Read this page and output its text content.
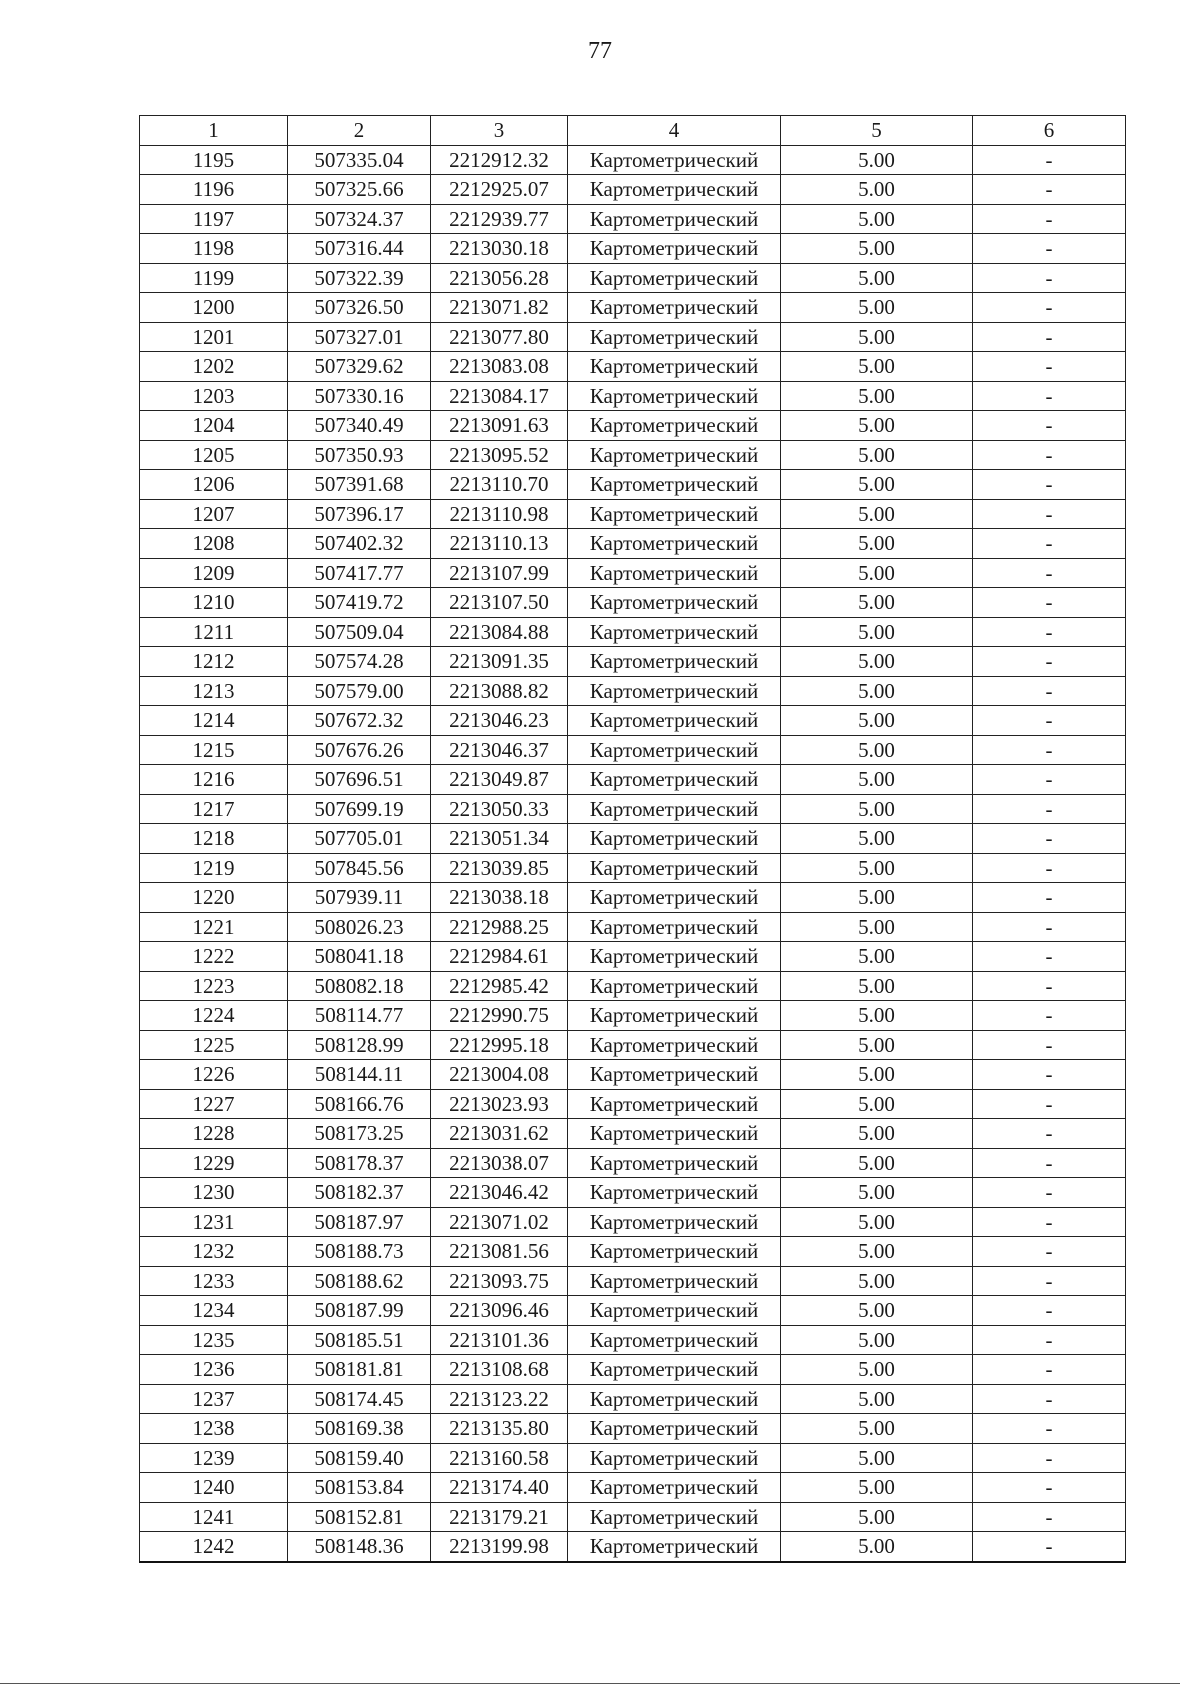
77
1	2	3	4	5	6
1195	507335.04	2212912.32	Картометрический	5.00	-
1196	507325.66	2212925.07	Картометрический	5.00	-
1197	507324.37	2212939.77	Картометрический	5.00	-
1198	507316.44	2213030.18	Картометрический	5.00	-
1199	507322.39	2213056.28	Картометрический	5.00	-
1200	507326.50	2213071.82	Картометрический	5.00	-
1201	507327.01	2213077.80	Картометрический	5.00	-
1202	507329.62	2213083.08	Картометрический	5.00	-
1203	507330.16	2213084.17	Картометрический	5.00	-
1204	507340.49	2213091.63	Картометрический	5.00	-
1205	507350.93	2213095.52	Картометрический	5.00	-
1206	507391.68	2213110.70	Картометрический	5.00	-
1207	507396.17	2213110.98	Картометрический	5.00	-
1208	507402.32	2213110.13	Картометрический	5.00	-
1209	507417.77	2213107.99	Картометрический	5.00	-
1210	507419.72	2213107.50	Картометрический	5.00	-
1211	507509.04	2213084.88	Картометрический	5.00	-
1212	507574.28	2213091.35	Картометрический	5.00	-
1213	507579.00	2213088.82	Картометрический	5.00	-
1214	507672.32	2213046.23	Картометрический	5.00	-
1215	507676.26	2213046.37	Картометрический	5.00	-
1216	507696.51	2213049.87	Картометрический	5.00	-
1217	507699.19	2213050.33	Картометрический	5.00	-
1218	507705.01	2213051.34	Картометрический	5.00	-
1219	507845.56	2213039.85	Картометрический	5.00	-
1220	507939.11	2213038.18	Картометрический	5.00	-
1221	508026.23	2212988.25	Картометрический	5.00	-
1222	508041.18	2212984.61	Картометрический	5.00	-
1223	508082.18	2212985.42	Картометрический	5.00	-
1224	508114.77	2212990.75	Картометрический	5.00	-
1225	508128.99	2212995.18	Картометрический	5.00	-
1226	508144.11	2213004.08	Картометрический	5.00	-
1227	508166.76	2213023.93	Картометрический	5.00	-
1228	508173.25	2213031.62	Картометрический	5.00	-
1229	508178.37	2213038.07	Картометрический	5.00	-
1230	508182.37	2213046.42	Картометрический	5.00	-
1231	508187.97	2213071.02	Картометрический	5.00	-
1232	508188.73	2213081.56	Картометрический	5.00	-
1233	508188.62	2213093.75	Картометрический	5.00	-
1234	508187.99	2213096.46	Картометрический	5.00	-
1235	508185.51	2213101.36	Картометрический	5.00	-
1236	508181.81	2213108.68	Картометрический	5.00	-
1237	508174.45	2213123.22	Картометрический	5.00	-
1238	508169.38	2213135.80	Картометрический	5.00	-
1239	508159.40	2213160.58	Картометрический	5.00	-
1240	508153.84	2213174.40	Картометрический	5.00	-
1241	508152.81	2213179.21	Картометрический	5.00	-
1242	508148.36	2213199.98	Картометрический	5.00	-
